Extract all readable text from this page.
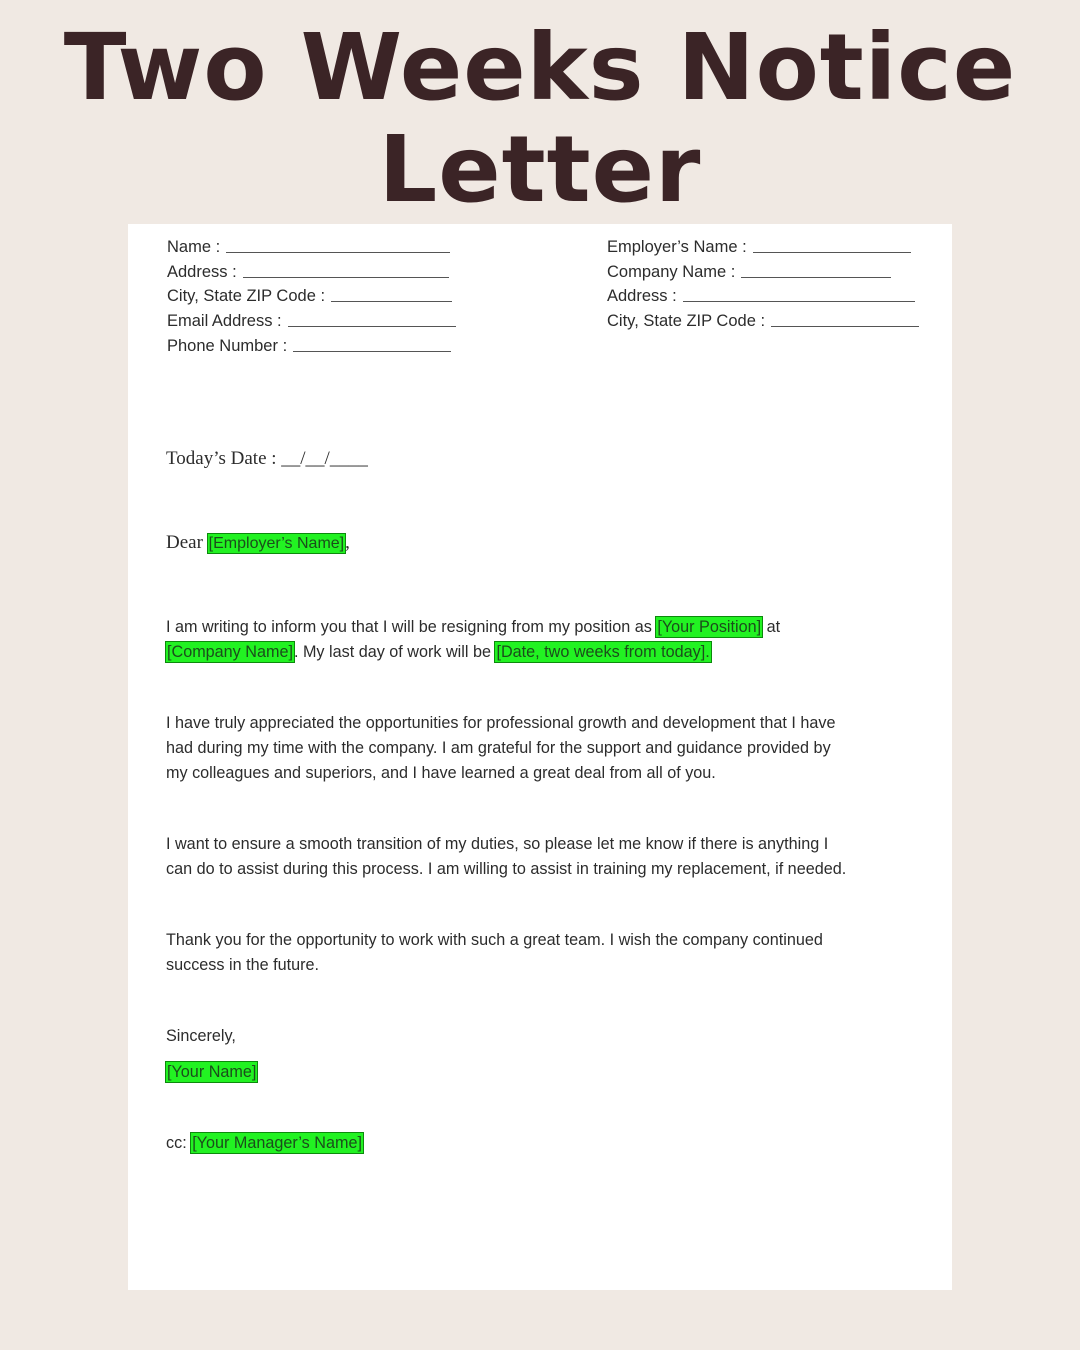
Two Weeks Notice
Letter
Name :
Address :
City, State ZIP Code :
Email Address :
Phone Number :
Employer’s Name :
Company Name :
Address :
City, State ZIP Code :
Today’s Date : __/__/____
Dear [Employer’s Name],
I am writing to inform you that I will be resigning from my position as [Your Position] at
[Company Name]. My last day of work will be [Date, two weeks from today].
I have truly appreciated the opportunities for professional growth and development that I have
had during my time with the company. I am grateful for the support and guidance provided by
my colleagues and superiors, and I have learned a great deal from all of you.
I want to ensure a smooth transition of my duties, so please let me know if there is anything I
can do to assist during this process. I am willing to assist in training my replacement, if needed.
Thank you for the opportunity to work with such a great team. I wish the company continued
success in the future.
Sincerely,
[Your Name]
cc: [Your Manager’s Name]
